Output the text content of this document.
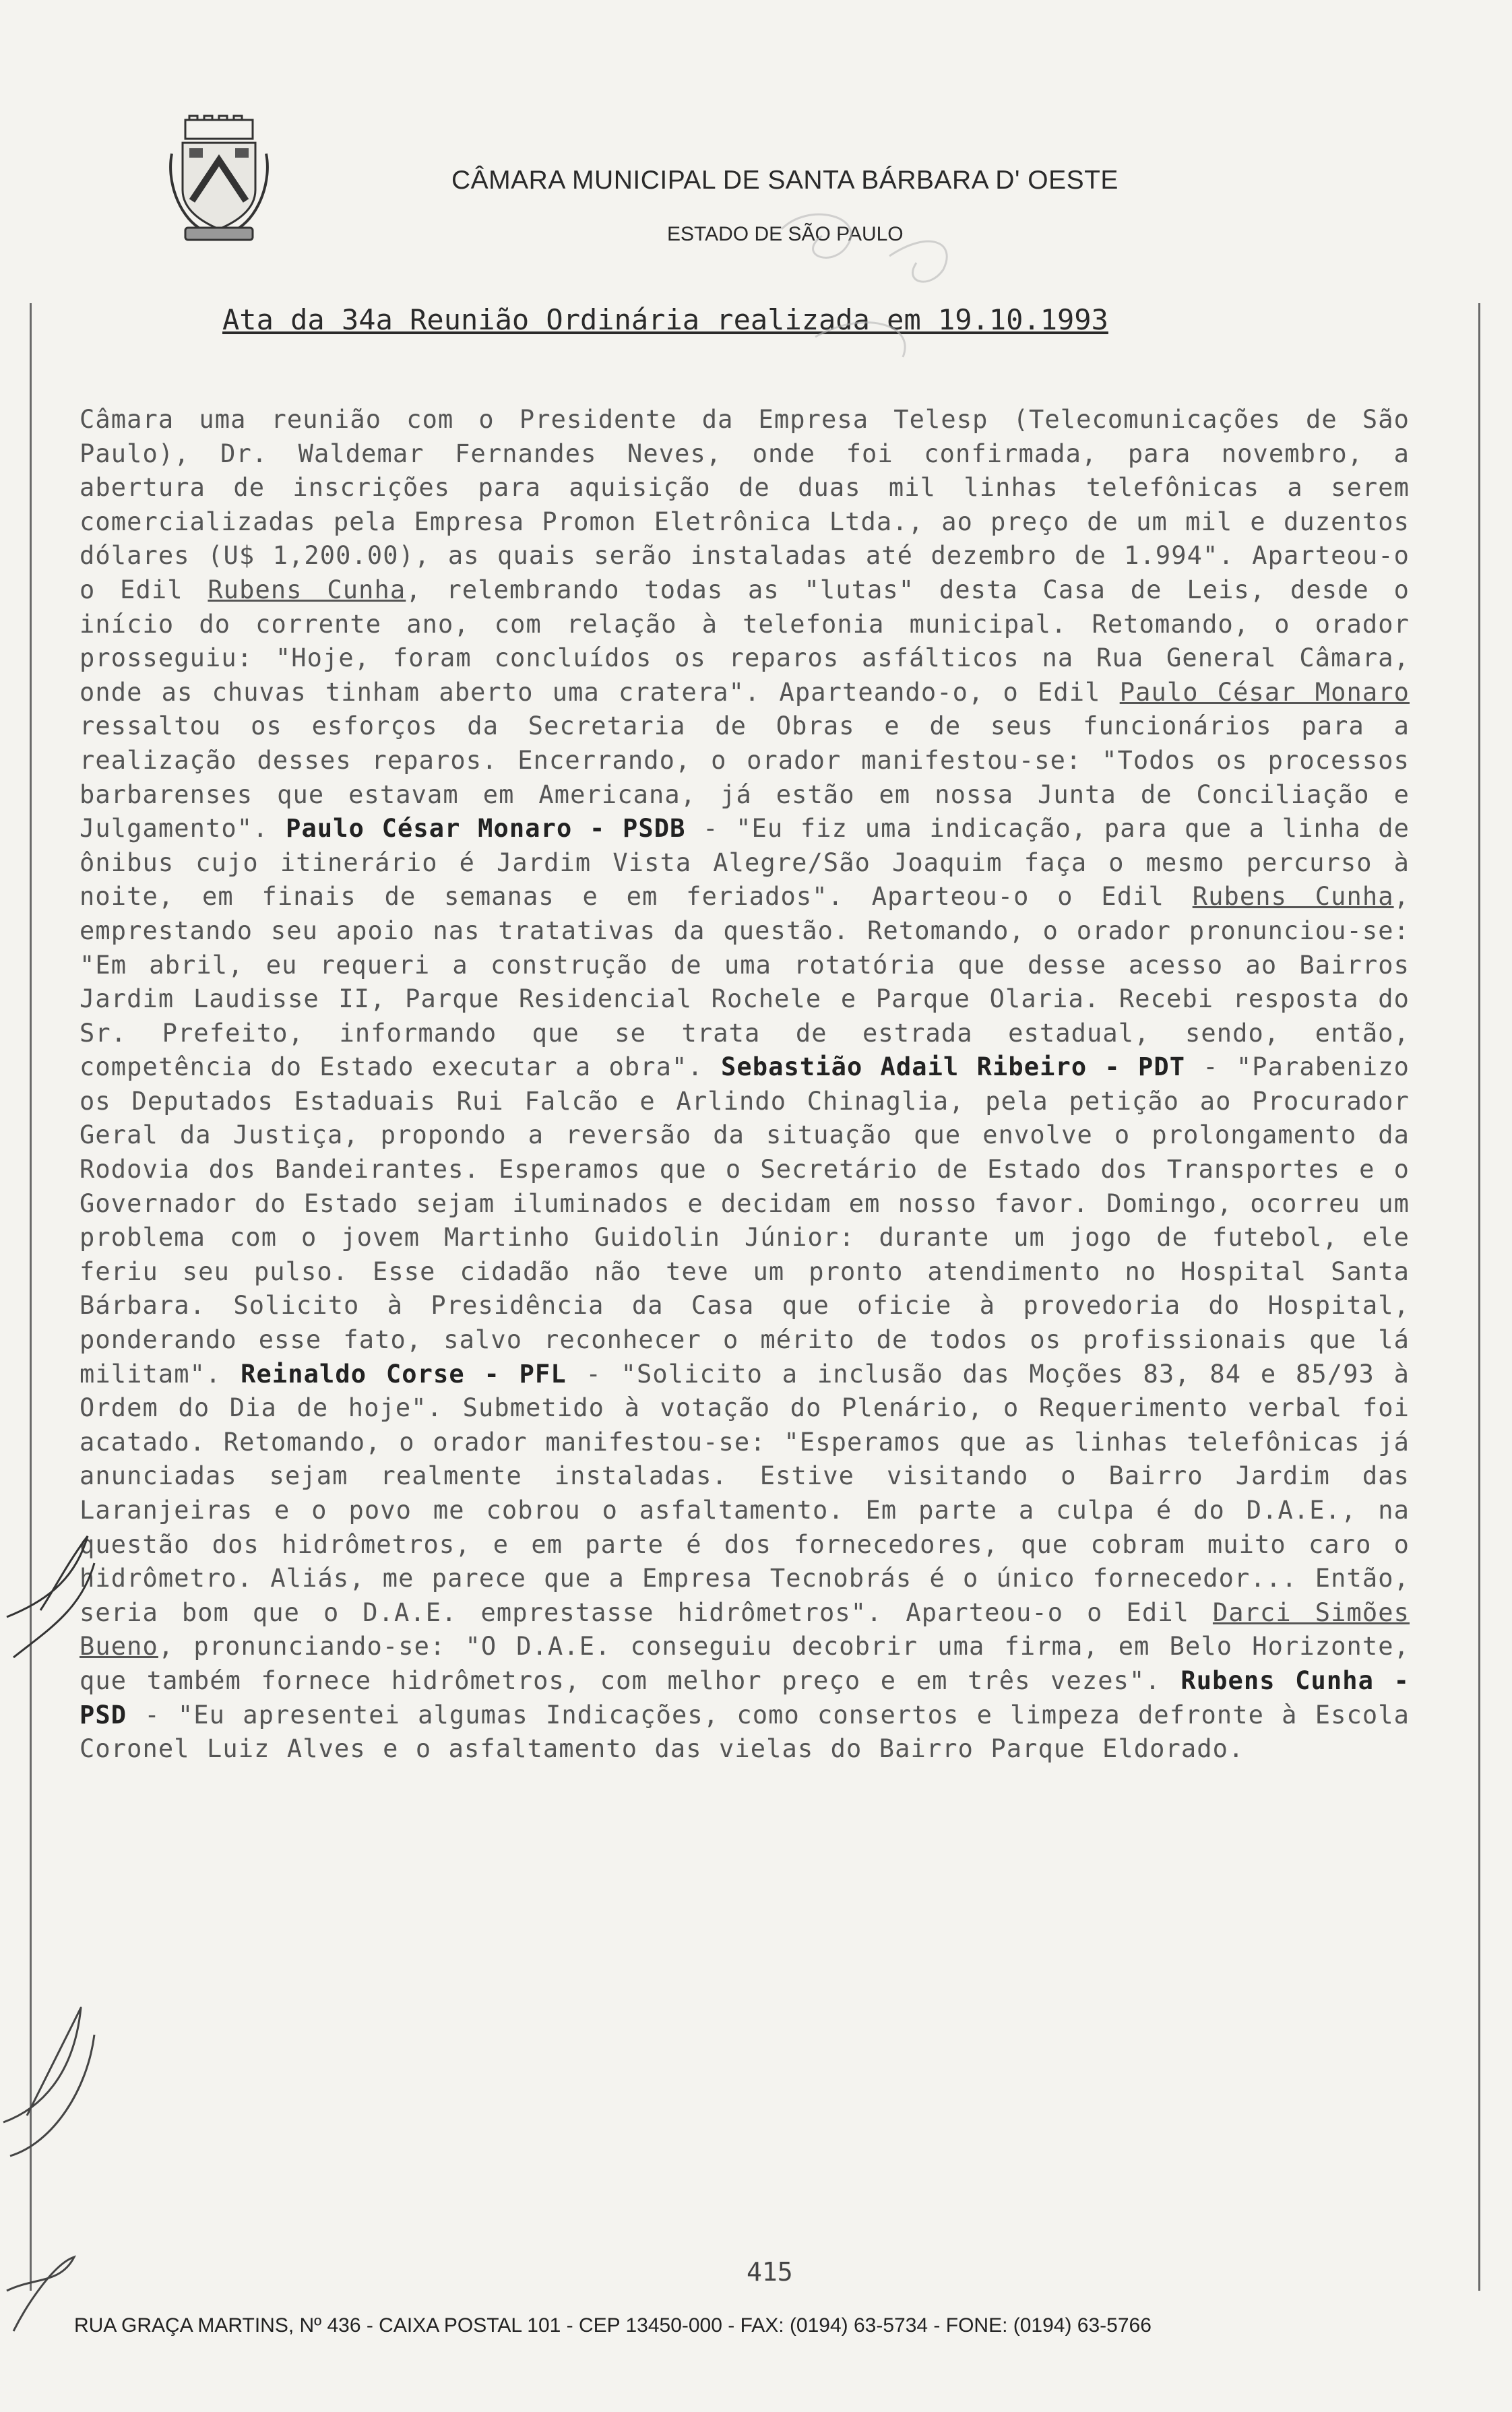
CÂMARA MUNICIPAL DE SANTA BÁRBARA D' OESTE
ESTADO DE SÃO PAULO
Ata da 34a Reunião Ordinária realizada em 19.10.1993
Câmara uma reunião com o Presidente da Empresa Telesp (Telecomunicações de São Paulo), Dr. Waldemar Fernandes Neves, onde foi confirmada, para novembro, a abertura de inscrições para aquisição de duas mil linhas telefônicas a serem comercializadas pela Empresa Promon Eletrônica Ltda., ao preço de um mil e duzentos dólares (U$ 1,200.00), as quais serão instaladas até dezembro de 1.994". Aparteou-o o Edil Rubens Cunha, relembrando todas as "lutas" desta Casa de Leis, desde o início do corrente ano, com relação à telefonia municipal. Retomando, o orador prosseguiu: "Hoje, foram concluídos os reparos asfálticos na Rua General Câmara, onde as chuvas tinham aberto uma cratera". Aparteando-o, o Edil Paulo César Monaro ressaltou os esforços da Secretaria de Obras e de seus funcionários para a realização desses reparos. Encerrando, o orador manifestou-se: "Todos os processos barbarenses que estavam em Americana, já estão em nossa Junta de Conciliação e Julgamento". Paulo César Monaro - PSDB - "Eu fiz uma indicação, para que a linha de ônibus cujo itinerário é Jardim Vista Alegre/São Joaquim faça o mesmo percurso à noite, em finais de semanas e em feriados". Aparteou-o o Edil Rubens Cunha, emprestando seu apoio nas tratativas da questão. Retomando, o orador pronunciou-se: "Em abril, eu requeri a construção de uma rotatória que desse acesso ao Bairros Jardim Laudisse II, Parque Residencial Rochele e Parque Olaria. Recebi resposta do Sr. Prefeito, informando que se trata de estrada estadual, sendo, então, competência do Estado executar a obra". Sebastião Adail Ribeiro - PDT - "Parabenizo os Deputados Estaduais Rui Falcão e Arlindo Chinaglia, pela petição ao Procurador Geral da Justiça, propondo a reversão da situação que envolve o prolongamento da Rodovia dos Bandeirantes. Esperamos que o Secretário de Estado dos Transportes e o Governador do Estado sejam iluminados e decidam em nosso favor. Domingo, ocorreu um problema com o jovem Martinho Guidolin Júnior: durante um jogo de futebol, ele feriu seu pulso. Esse cidadão não teve um pronto atendimento no Hospital Santa Bárbara. Solicito à Presidência da Casa que oficie à provedoria do Hospital, ponderando esse fato, salvo reconhecer o mérito de todos os profissionais que lá militam". Reinaldo Corse - PFL - "Solicito a inclusão das Moções 83, 84 e 85/93 à Ordem do Dia de hoje". Submetido à votação do Plenário, o Requerimento verbal foi acatado. Retomando, o orador manifestou-se: "Esperamos que as linhas telefônicas já anunciadas sejam realmente instaladas. Estive visitando o Bairro Jardim das Laranjeiras e o povo me cobrou o asfaltamento. Em parte a culpa é do D.A.E., na questão dos hidrômetros, e em parte é dos fornecedores, que cobram muito caro o hidrômetro. Aliás, me parece que a Empresa Tecnobrás é o único fornecedor... Então, seria bom que o D.A.E. emprestasse hidrômetros". Aparteou-o o Edil Darci Simões Bueno, pronunciando-se: "O D.A.E. conseguiu decobrir uma firma, em Belo Horizonte, que também fornece hidrômetros, com melhor preço e em três vezes". Rubens Cunha - PSD - "Eu apresentei algumas Indicações, como consertos e limpeza defronte à Escola Coronel Luiz Alves e o asfaltamento das vielas do Bairro Parque Eldorado.
415
RUA GRAÇA MARTINS, Nº 436 - CAIXA POSTAL 101 - CEP 13450-000 - FAX: (0194) 63-5734 - FONE: (0194) 63-5766
